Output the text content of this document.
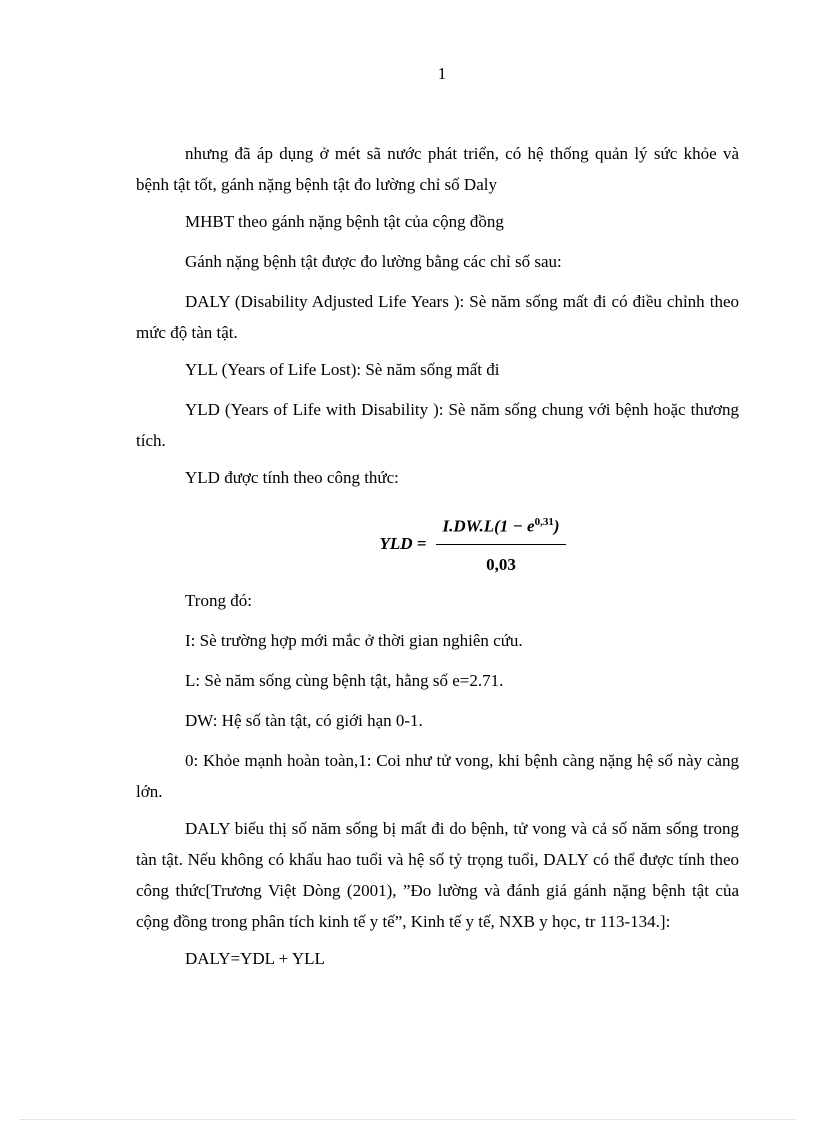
1

nhưng đã áp dụng ở mét sã nước phát triển, có hệ thống quản lý sức khỏe và bệnh tật tốt, gánh nặng bệnh tật đo lường chỉ số Daly

MHBT theo gánh nặng bệnh tật của cộng đồng

Gánh nặng bệnh tật được đo lường bằng các chỉ số sau:

DALY (Disability Adjusted Life Years ): Sè năm sống mất đi có điều chỉnh theo mức độ tàn tật.

YLL (Years of Life Lost): Sè năm sống mất đi

YLD (Years of Life with Disability ): Sè năm sống chung với bệnh hoặc thương tích.

YLD được tính theo công thức:

YLD = $\frac{I.DW.L(1 - e^{0,31})}{0,03}$

Trong đó:

I: Sè trường hợp mới mắc ở thời gian nghiên cứu.

L: Sè năm sống cùng bệnh tật, hằng số e=2.71.

DW: Hệ số tàn tật, có giới hạn 0-1.

0: Khỏe mạnh hoàn toàn,1: Coi như tử vong, khi bệnh càng nặng hệ số này càng lớn.

DALY biểu thị số năm sống bị mất đi do bệnh, tử vong và cả số năm sống trong tàn tật. Nếu không có khấu hao tuổi và hệ số tỷ trọng tuổi, DALY có thể được tính theo công thức[Trương Việt Dòng (2001), ”Đo lường và đánh giá gánh nặng bệnh tật của cộng đồng trong phân tích kinh tế y tế”, Kinh tế y tế, NXB y học, tr 113-134.]:

DALY=YDL + YLL
